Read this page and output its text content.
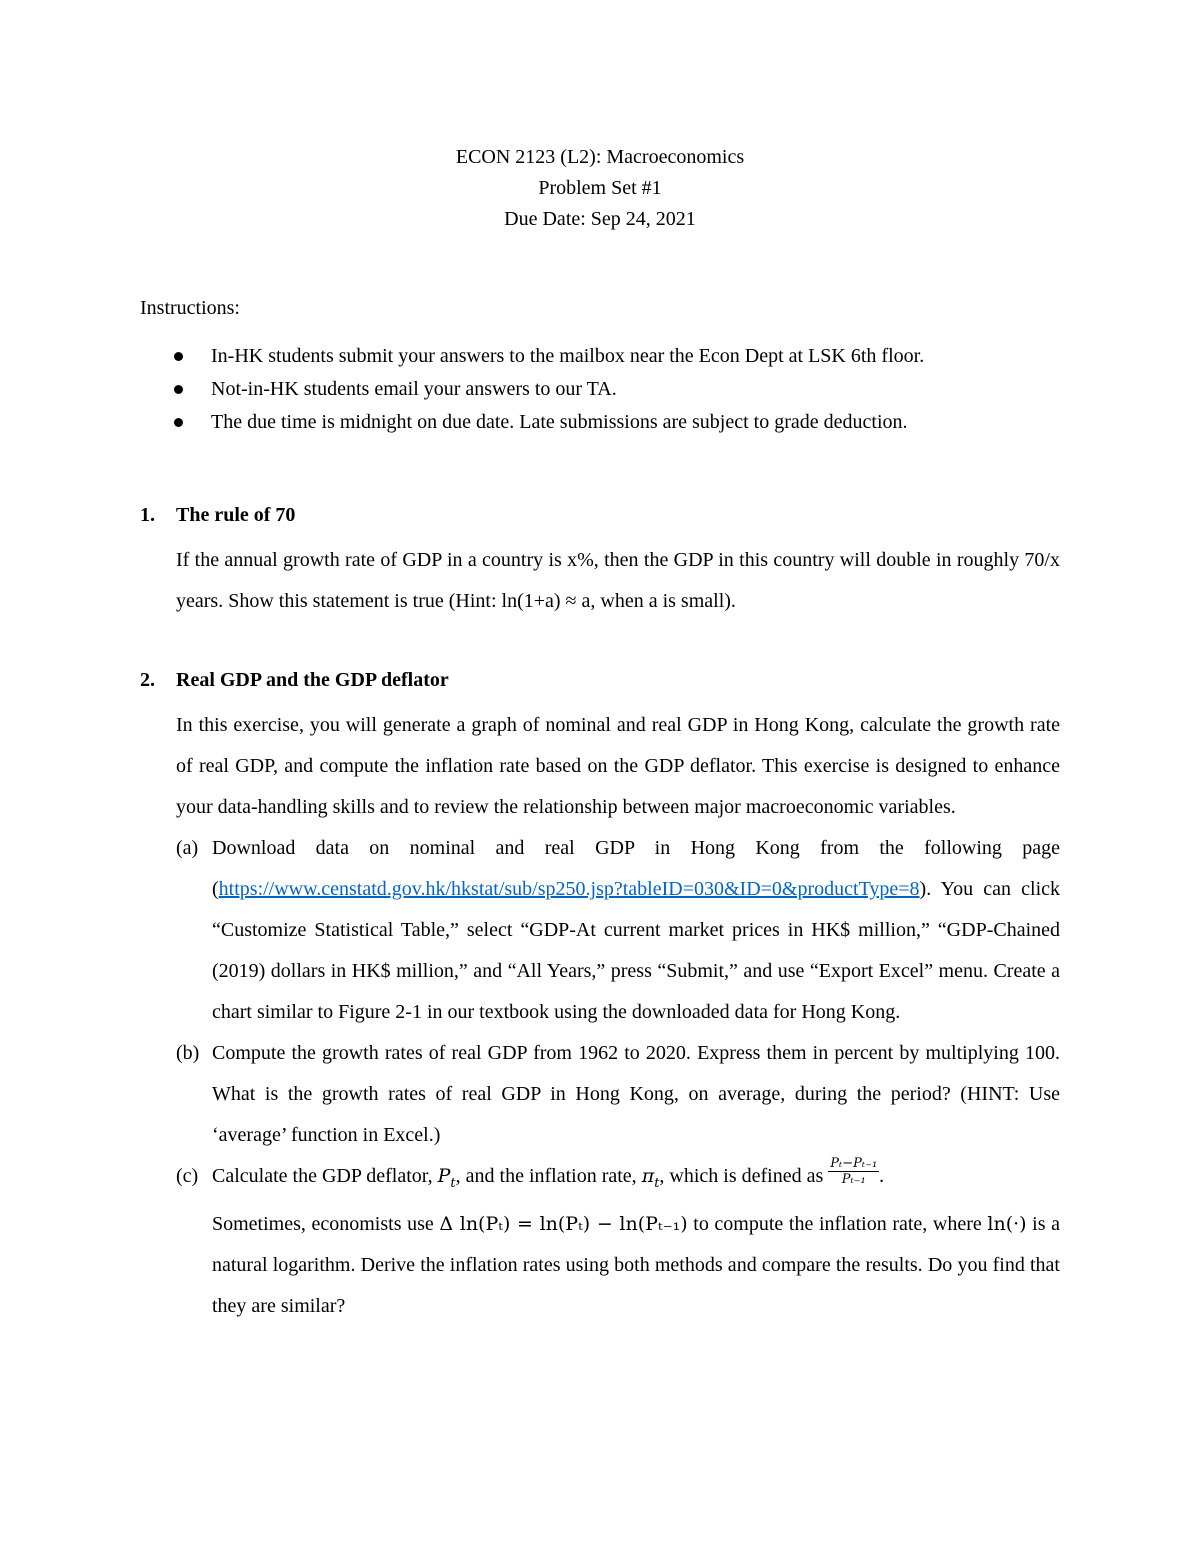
ECON 2123 (L2): Macroeconomics
Problem Set #1
Due Date: Sep 24, 2021
Instructions:
In-HK students submit your answers to the mailbox near the Econ Dept at LSK 6th floor.
Not-in-HK students email your answers to our TA.
The due time is midnight on due date. Late submissions are subject to grade deduction.
1. The rule of 70
If the annual growth rate of GDP in a country is x%, then the GDP in this country will double in roughly 70/x years. Show this statement is true (Hint: ln(1+a) ≈ a, when a is small).
2. Real GDP and the GDP deflator
In this exercise, you will generate a graph of nominal and real GDP in Hong Kong, calculate the growth rate of real GDP, and compute the inflation rate based on the GDP deflator. This exercise is designed to enhance your data-handling skills and to review the relationship between major macroeconomic variables.
(a) Download data on nominal and real GDP in Hong Kong from the following page (https://www.censtatd.gov.hk/hkstat/sub/sp250.jsp?tableID=030&ID=0&productType=8). You can click “Customize Statistical Table,” select “GDP-At current market prices in HK$ million,” “GDP-Chained (2019) dollars in HK$ million,” and “All Years,” press “Submit,” and use “Export Excel” menu. Create a chart similar to Figure 2-1 in our textbook using the downloaded data for Hong Kong.
(b) Compute the growth rates of real GDP from 1962 to 2020. Express them in percent by multiplying 100. What is the growth rates of real GDP in Hong Kong, on average, during the period? (HINT: Use ‘average’ function in Excel.)
(c) Calculate the GDP deflator, $P_t$, and the inflation rate, $\pi_t$, which is defined as $\frac{\text{Pₜ−Pₜ₋₁}}{\text{Pₜ₋₁}}$ .
Sometimes, economists use Δ ln(Pₜ) = ln(Pₜ) − ln(Pₜ₋₁) to compute the inflation rate, where ln(·) is a natural logarithm. Derive the inflation rates using both methods and compare the results. Do you find that they are similar?
